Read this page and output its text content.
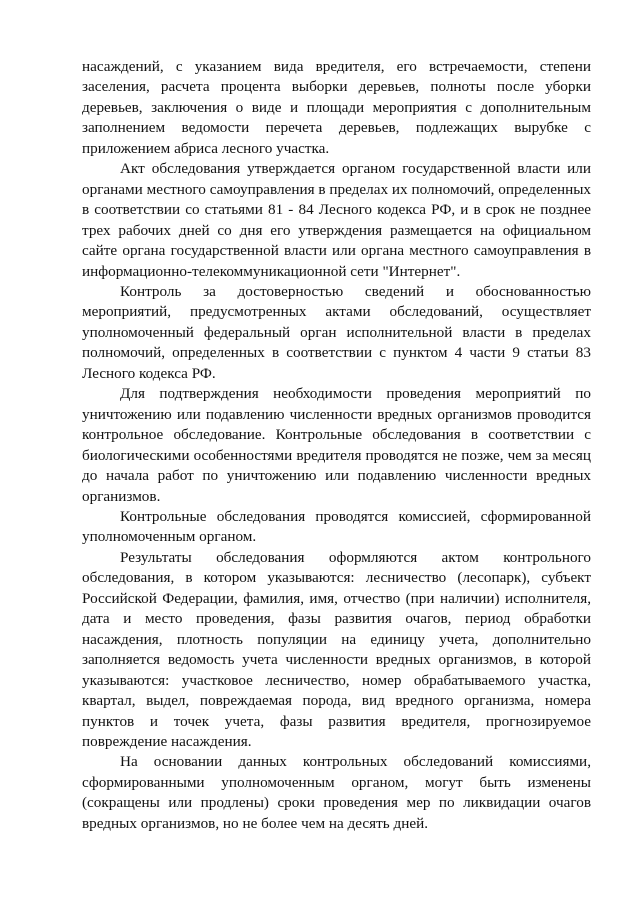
насаждений, с указанием вида вредителя, его встречаемости, степени заселения, расчета процента выборки деревьев, полноты после уборки деревьев, заключения о виде и площади мероприятия с дополнительным заполнением ведомости перечета деревьев, подлежащих вырубке с приложением абриса лесного участка.

Акт обследования утверждается органом государственной власти или органами местного самоуправления в пределах их полномочий, определенных в соответствии со статьями 81 - 84 Лесного кодекса РФ, и в срок не позднее трех рабочих дней со дня его утверждения размещается на официальном сайте органа государственной власти или органа местного самоуправления в информационно-телекоммуникационной сети "Интернет".

Контроль за достоверностью сведений и обоснованностью мероприятий, предусмотренных актами обследований, осуществляет уполномоченный федеральный орган исполнительной власти в пределах полномочий, определенных в соответствии с пунктом 4 части 9 статьи 83 Лесного кодекса РФ.

Для подтверждения необходимости проведения мероприятий по уничтожению или подавлению численности вредных организмов проводится контрольное обследование. Контрольные обследования в соответствии с биологическими особенностями вредителя проводятся не позже, чем за месяц до начала работ по уничтожению или подавлению численности вредных организмов.

Контрольные обследования проводятся комиссией, сформированной уполномоченным органом.

Результаты обследования оформляются актом контрольного обследования, в котором указываются: лесничество (лесопарк), субъект Российской Федерации, фамилия, имя, отчество (при наличии) исполнителя, дата и место проведения, фазы развития очагов, период обработки насаждения, плотность популяции на единицу учета, дополнительно заполняется ведомость учета численности вредных организмов, в которой указываются: участковое лесничество, номер обрабатываемого участка, квартал, выдел, повреждаемая порода, вид вредного организма, номера пунктов и точек учета, фазы развития вредителя, прогнозируемое повреждение насаждения.

На основании данных контрольных обследований комиссиями, сформированными уполномоченным органом, могут быть изменены (сокращены или продлены) сроки проведения мер по ликвидации очагов вредных организмов, но не более чем на десять дней.
